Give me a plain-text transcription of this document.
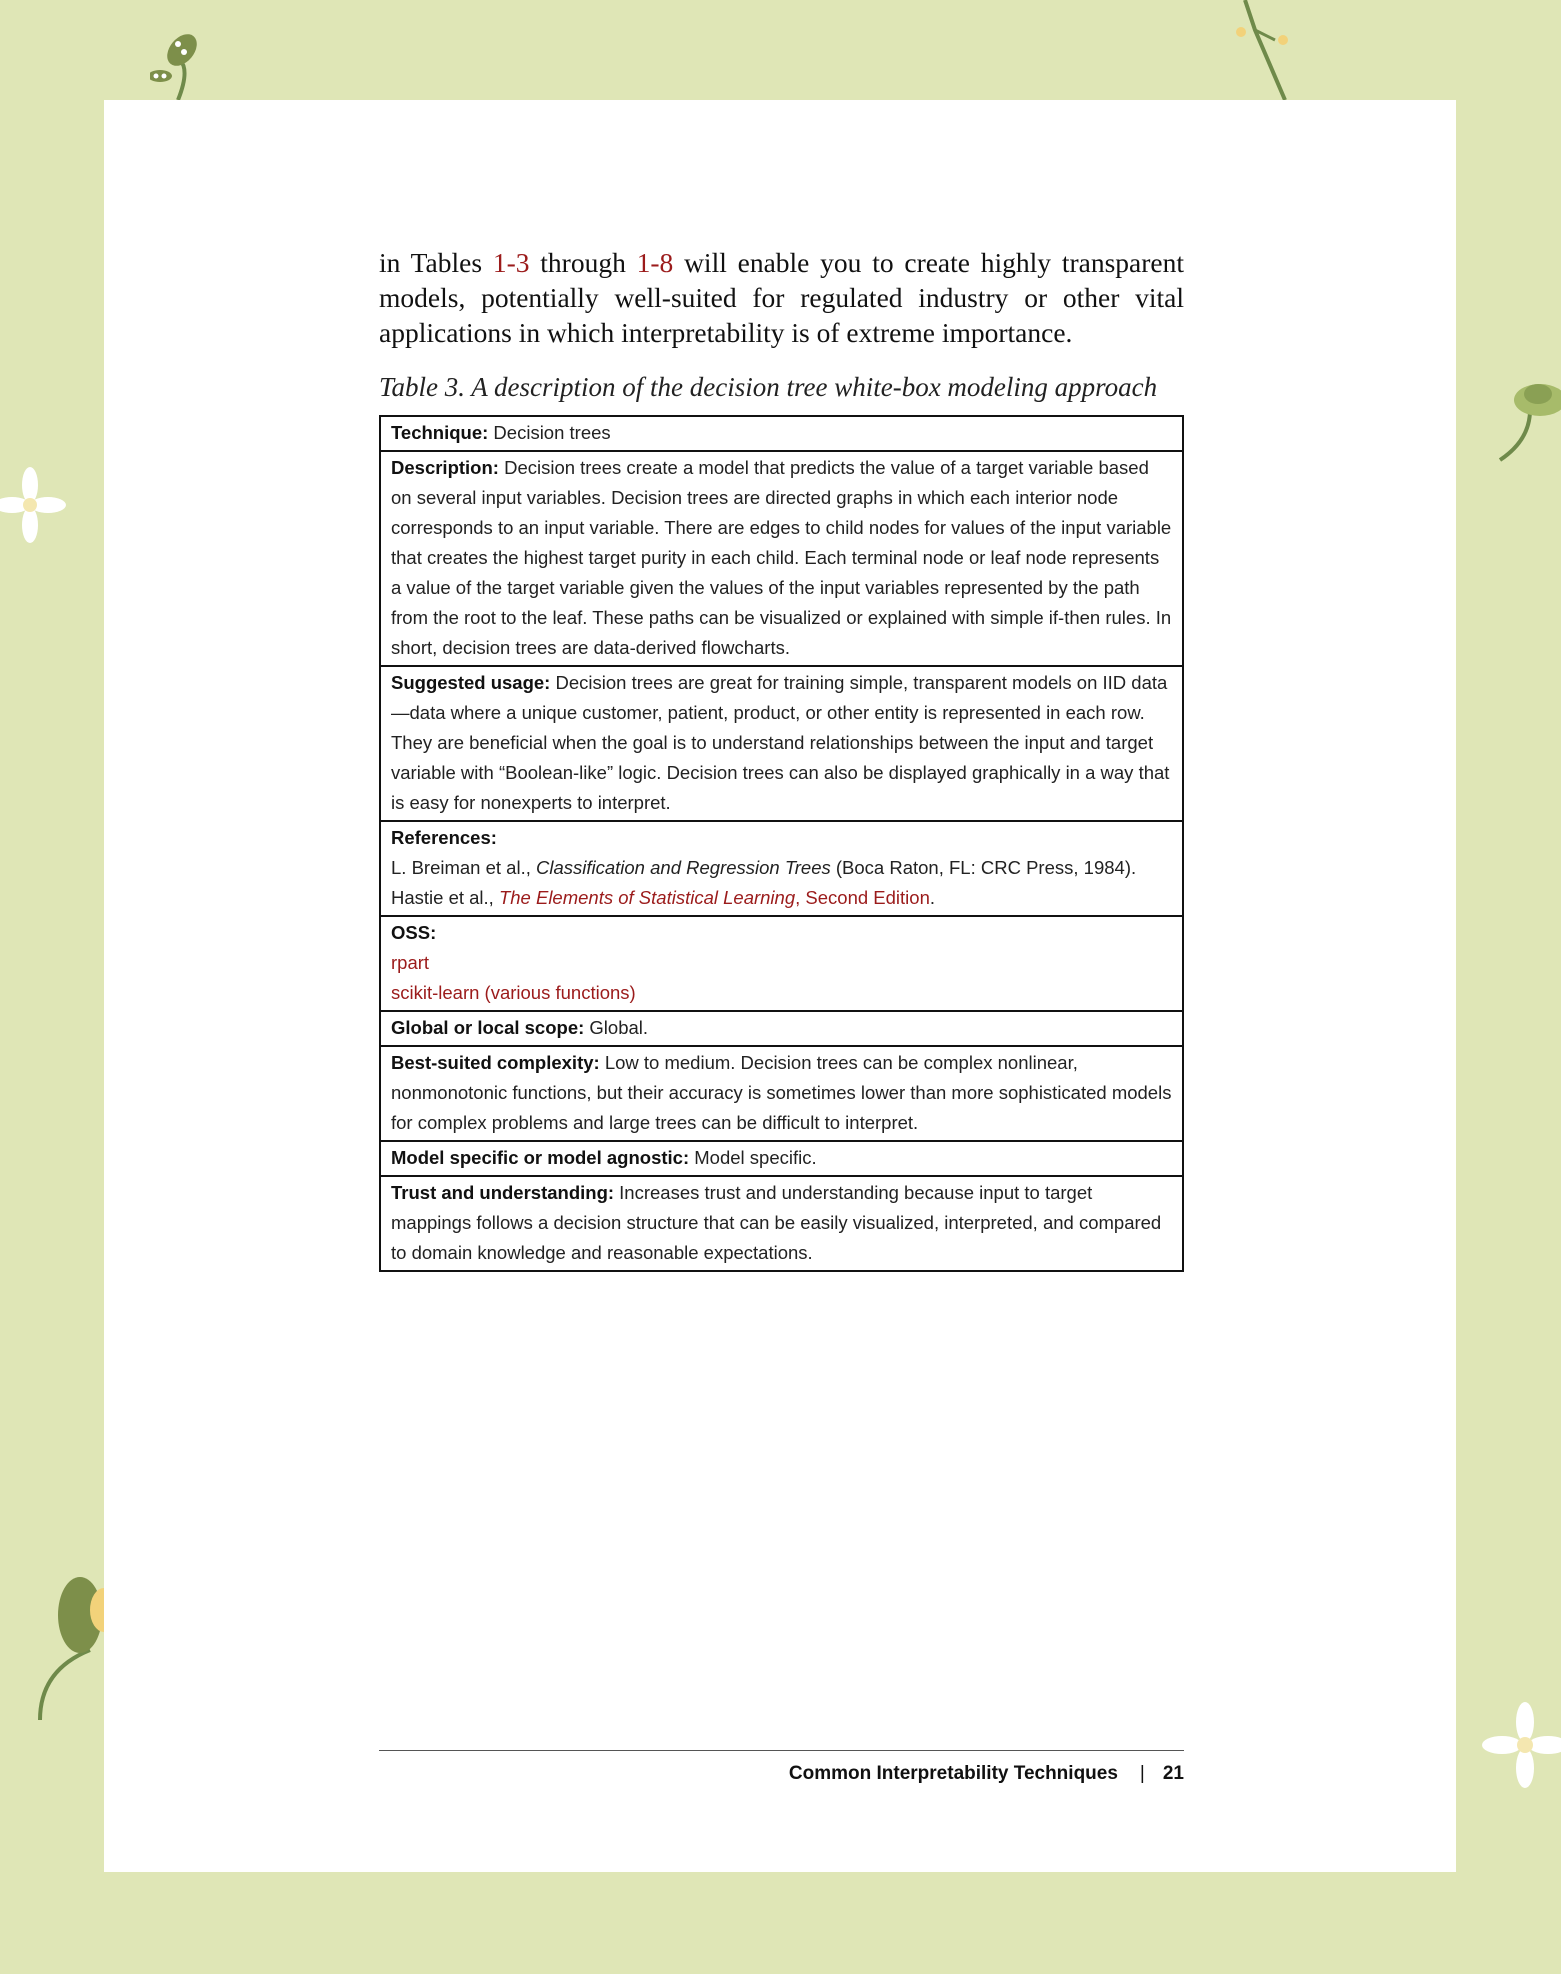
in Tables 1-3 through 1-8 will enable you to create highly transparent models, potentially well-suited for regulated industry or other vital applications in which interpretability is of extreme importance.

Table 3. A description of the decision tree white-box modeling approach
Technique: Decision trees
Description: Decision trees create a model that predicts the value of a target variable based on several input variables. Decision trees are directed graphs in which each interior node corresponds to an input variable. There are edges to child nodes for values of the input variable that creates the highest target purity in each child. Each terminal node or leaf node represents a value of the target variable given the values of the input variables represented by the path from the root to the leaf. These paths can be visualized or explained with simple if-then rules. In short, decision trees are data-derived flowcharts.
Suggested usage: Decision trees are great for training simple, transparent models on IID data—data where a unique customer, patient, product, or other entity is represented in each row. They are beneficial when the goal is to understand relationships between the input and target variable with “Boolean-like” logic. Decision trees can also be displayed graphically in a way that is easy for nonexperts to interpret.
References:
L. Breiman et al., Classification and Regression Trees (Boca Raton, FL: CRC Press, 1984).
Hastie et al., The Elements of Statistical Learning, Second Edition.
OSS:
rpart
scikit-learn (various functions)
Global or local scope: Global.
Best-suited complexity: Low to medium. Decision trees can be complex nonlinear, nonmonotonic functions, but their accuracy is sometimes lower than more sophisticated models for complex problems and large trees can be difficult to interpret.
Model specific or model agnostic: Model specific.
Trust and understanding: Increases trust and understanding because input to target mappings follows a decision structure that can be easily visualized, interpreted, and compared to domain knowledge and reasonable expectations.
Common Interpretability Techniques | 21
